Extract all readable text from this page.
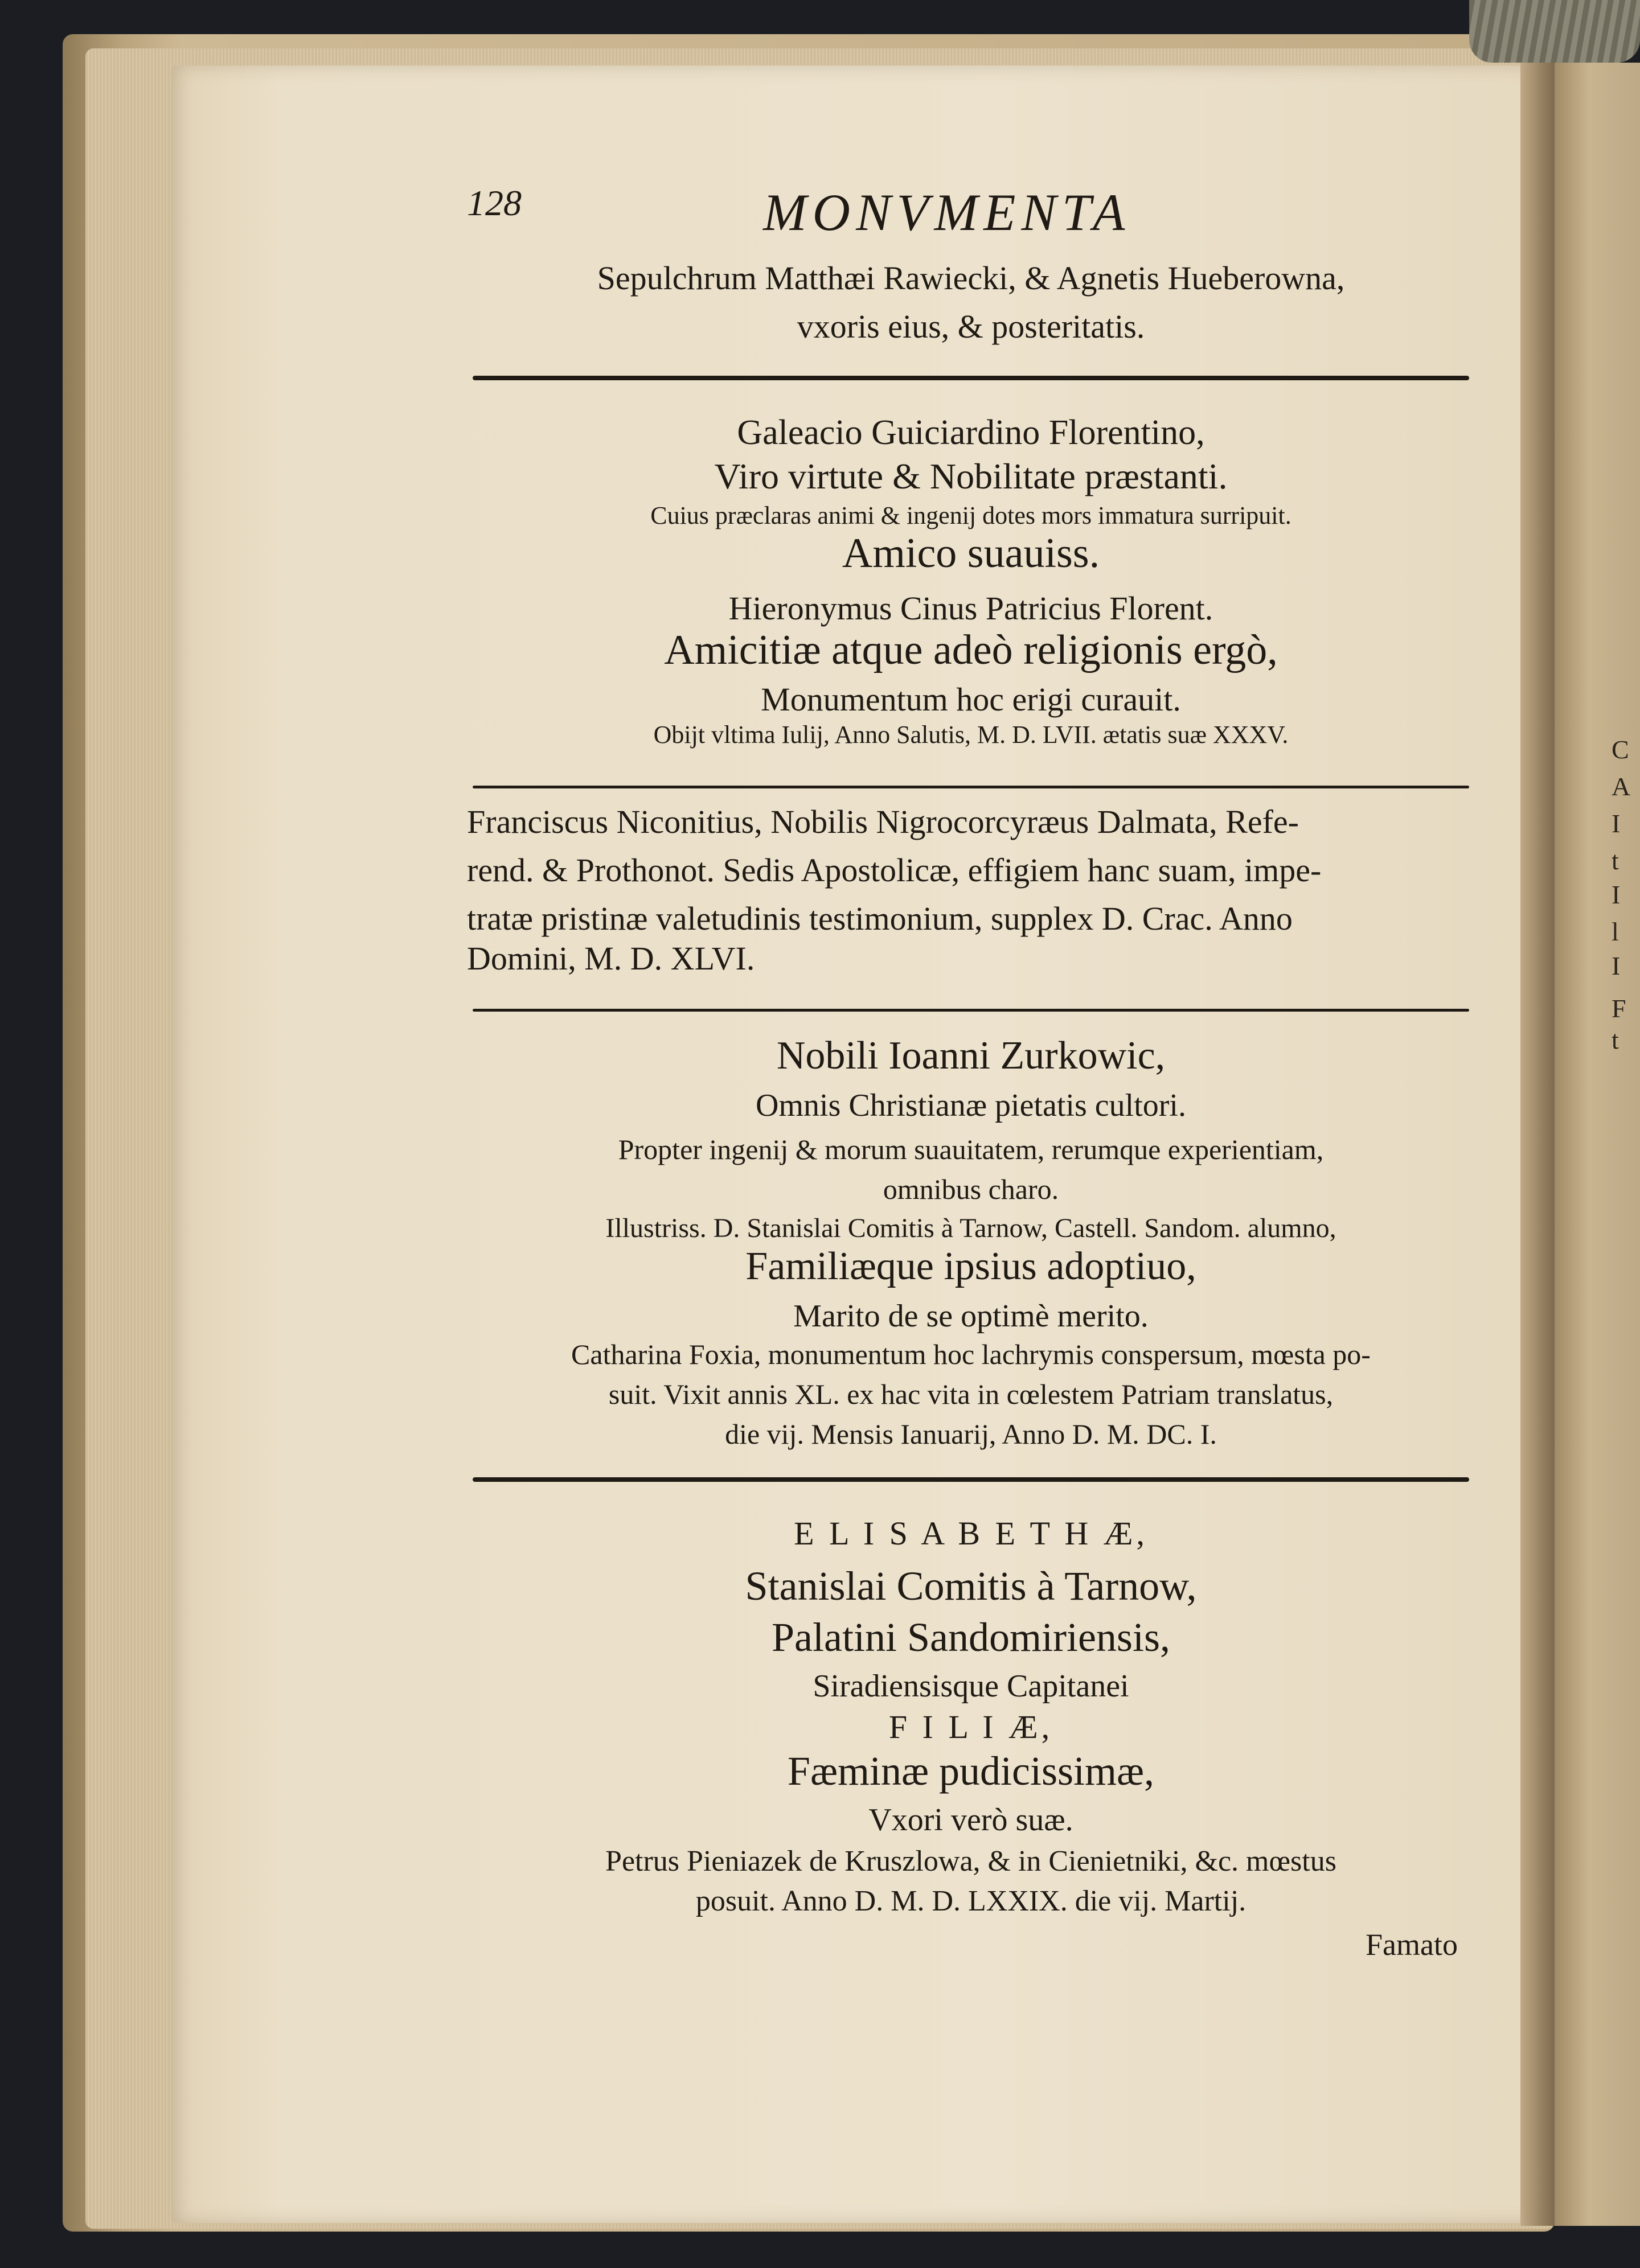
C
A
I
t
I
l
I
F
t
128	MONVMENTA
Sepulchrum Matthæi Rawiecki, & Agnetis Hueberowna,
vxoris eius, & posteritatis.
Galeacio Guiciardino Florentino,
Viro virtute & Nobilitate præstanti.
Cuius præclaras animi & ingenij dotes mors immatura surripuit.
Amico suauiss.
Hieronymus Cinus Patricius Florent.
Amicitiæ atque adeò religionis ergò,
Monumentum hoc erigi curauit.
Obijt vltima Iulij, Anno Salutis, M. D. LVII. ætatis suæ XXXV.
Franciscus Niconitius, Nobilis Nigrocorcyræus Dalmata, Refe-
rend. & Prothonot. Sedis Apostolicæ, effigiem hanc suam, impe-
tratæ pristinæ valetudinis testimonium, supplex D. Crac. Anno
Domini, M. D. XLVI.
Nobili Ioanni Zurkowic,
Omnis Christianæ pietatis cultori.
Propter ingenij & morum suauitatem, rerumque experientiam,
omnibus charo.
Illustriss. D. Stanislai Comitis à Tarnow, Castell. Sandom. alumno,
Familiæque ipsius adoptiuo,
Marito de se optimè merito.
Catharina Foxia, monumentum hoc lachrymis conspersum, mœsta po-
suit. Vixit annis XL. ex hac vita in cœlestem Patriam translatus,
die vij. Mensis Ianuarij, Anno D. M. DC. I.
E L I S A B E T H Æ,
Stanislai Comitis à Tarnow,
Palatini Sandomiriensis,
Siradiensisque Capitanei
F I L I Æ,
Fæminæ pudicissimæ,
Vxori verò suæ.
Petrus Pieniazek de Kruszlowa, & in Cienietniki, &c. mœstus
posuit. Anno D. M. D. LXXIX. die vij. Martij.
Famato
